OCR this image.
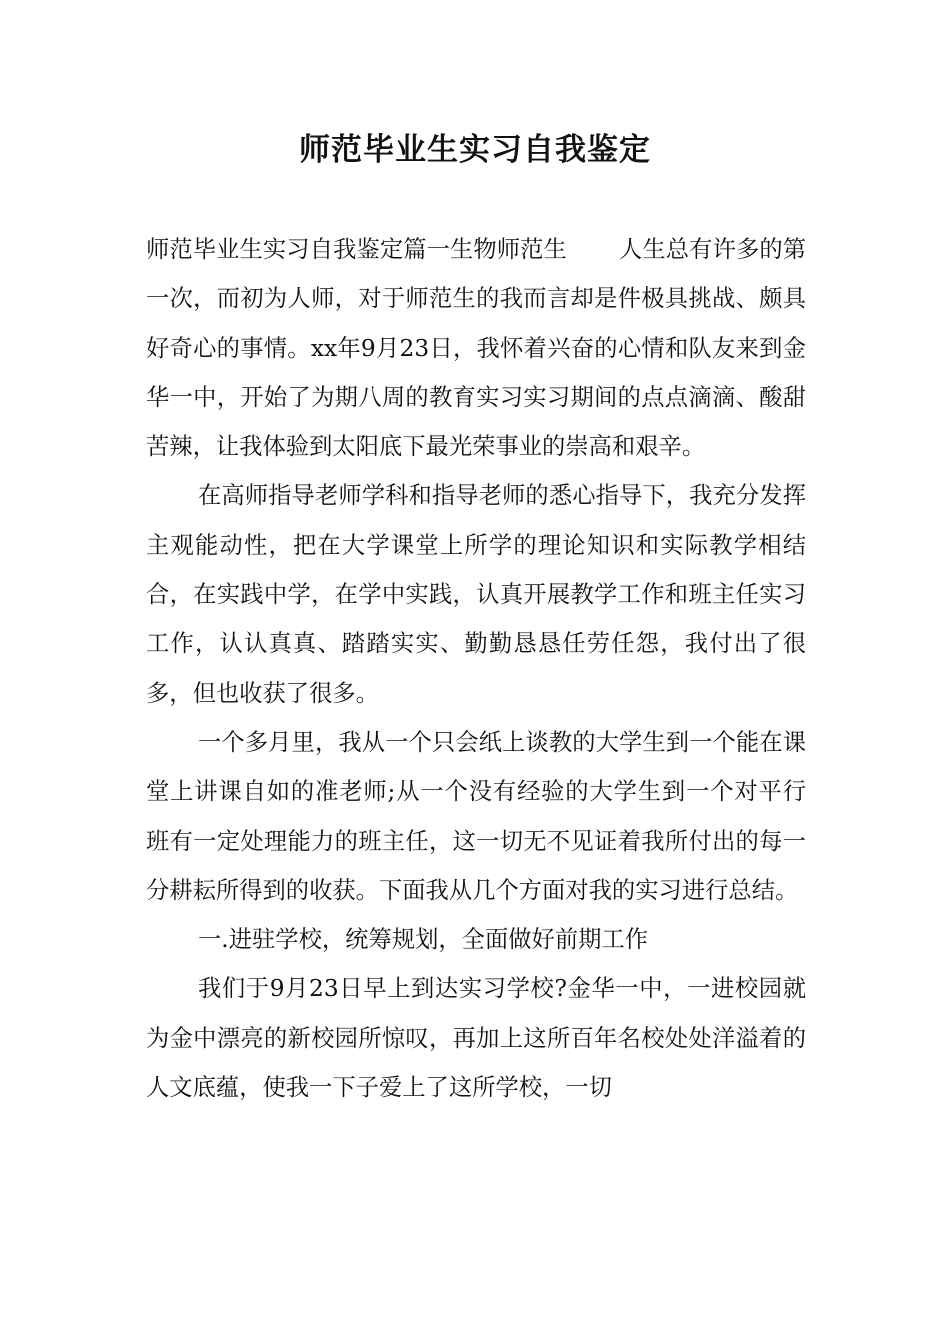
师范毕业生实习自我鉴定

师范毕业生实习自我鉴定篇一生物师范生 人生总有许多的第一次，而初为人师，对于师范生的我而言却是件极具挑战、颇具好奇心的事情。xx年9月23日，我怀着兴奋的心情和队友来到金华一中，开始了为期八周的教育实习实习期间的点点滴滴、酸甜苦辣，让我体验到太阳底下最光荣事业的崇高和艰辛。

在高师指导老师学科和指导老师的悉心指导下，我充分发挥主观能动性，把在大学课堂上所学的理论知识和实际教学相结合，在实践中学，在学中实践，认真开展教学工作和班主任实习工作，认认真真、踏踏实实、勤勤恳恳任劳任怨，我付出了很多，但也收获了很多。

一个多月里，我从一个只会纸上谈教的大学生到一个能在课堂上讲课自如的准老师;从一个没有经验的大学生到一个对平行班有一定处理能力的班主任，这一切无不见证着我所付出的每一分耕耘所得到的收获。下面我从几个方面对我的实习进行总结。

一.进驻学校，统筹规划，全面做好前期工作

我们于9月23日早上到达实习学校?金华一中，一进校园就为金中漂亮的新校园所惊叹，再加上这所百年名校处处洋溢着的人文底蕴，使我一下子爱上了这所学校，一切
